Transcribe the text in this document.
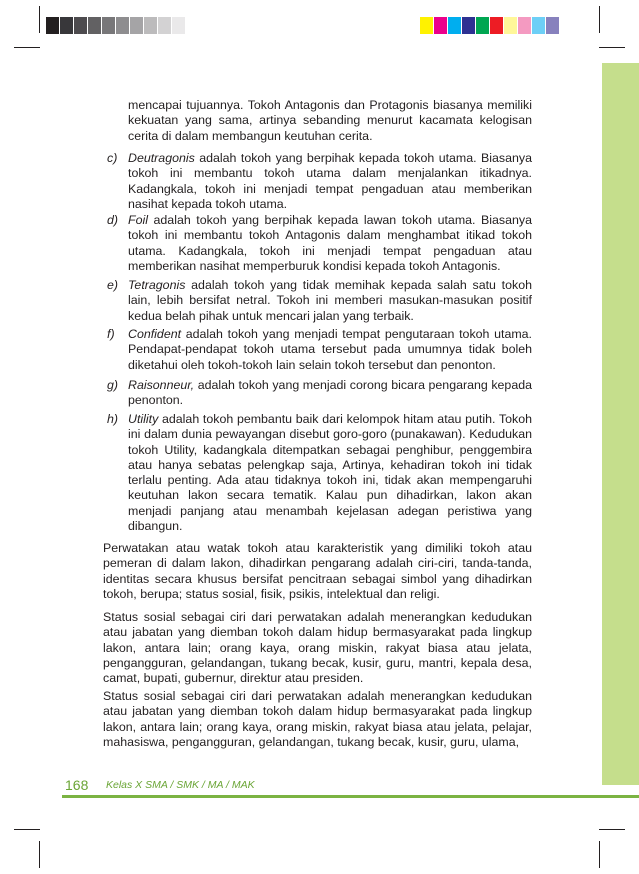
mencapai tujuannya. Tokoh Antagonis dan Protagonis biasanya memiliki kekuatan yang sama, artinya sebanding menurut kacamata kelogisan cerita di dalam membangun keutuhan cerita.
c) Deutragonis adalah tokoh yang berpihak kepada tokoh utama. Biasanya tokoh ini membantu tokoh utama dalam menjalankan itikadnya. Kadangkala, tokoh ini menjadi tempat pengaduan atau memberikan nasihat kepada tokoh utama.
d) Foil adalah tokoh yang berpihak kepada lawan tokoh utama. Biasanya tokoh ini membantu tokoh Antagonis dalam menghambat itikad tokoh utama. Kadangkala, tokoh ini menjadi tempat pengaduan atau memberikan nasihat memperburuk kondisi kepada tokoh Antagonis.
e) Tetragonis adalah tokoh yang tidak memihak kepada salah satu tokoh lain, lebih bersifat netral. Tokoh ini memberi masukan-masukan positif kedua belah pihak untuk mencari jalan yang terbaik.
f) Confident adalah tokoh yang menjadi tempat pengutaraan tokoh utama. Pendapat-pendapat tokoh utama tersebut pada umumnya tidak boleh diketahui oleh tokoh-tokoh lain selain tokoh tersebut dan penonton.
g) Raisonneur, adalah tokoh yang menjadi corong bicara pengarang kepada penonton.
h) Utility adalah tokoh pembantu baik dari kelompok hitam atau putih. Tokoh ini dalam dunia pewayangan disebut goro-goro (punakawan). Kedudukan tokoh Utility, kadangkala ditempatkan sebagai penghibur, penggembira atau hanya sebatas pelengkap saja, Artinya, kehadiran tokoh ini tidak terlalu penting. Ada atau tidaknya tokoh ini, tidak akan mempengaruhi keutuhan lakon secara tematik. Kalau pun dihadirkan, lakon akan menjadi panjang atau menambah kejelasan adegan peristiwa yang dibangun.
Perwatakan atau watak tokoh atau karakteristik yang dimiliki tokoh atau pemeran di dalam lakon, dihadirkan pengarang adalah ciri-ciri, tanda-tanda, identitas secara khusus bersifat pencitraan sebagai simbol yang dihadirkan tokoh, berupa; status sosial, fisik, psikis, intelektual dan religi.
Status sosial sebagai ciri dari perwatakan adalah menerangkan kedudukan atau jabatan yang diemban tokoh dalam hidup bermasyarakat pada lingkup lakon, antara lain; orang kaya, orang miskin, rakyat biasa atau jelata, pengangguran, gelandangan, tukang becak, kusir, guru, mantri, kepala desa, camat, bupati, gubernur, direktur atau presiden.
Status sosial sebagai ciri dari perwatakan adalah menerangkan kedudukan atau jabatan yang diemban tokoh dalam hidup bermasyarakat pada lingkup lakon, antara lain; orang kaya, orang miskin, rakyat biasa atau jelata, pelajar, mahasiswa, pengangguran, gelandangan, tukang becak, kusir, guru, ulama,
168 Kelas X SMA / SMK / MA / MAK
